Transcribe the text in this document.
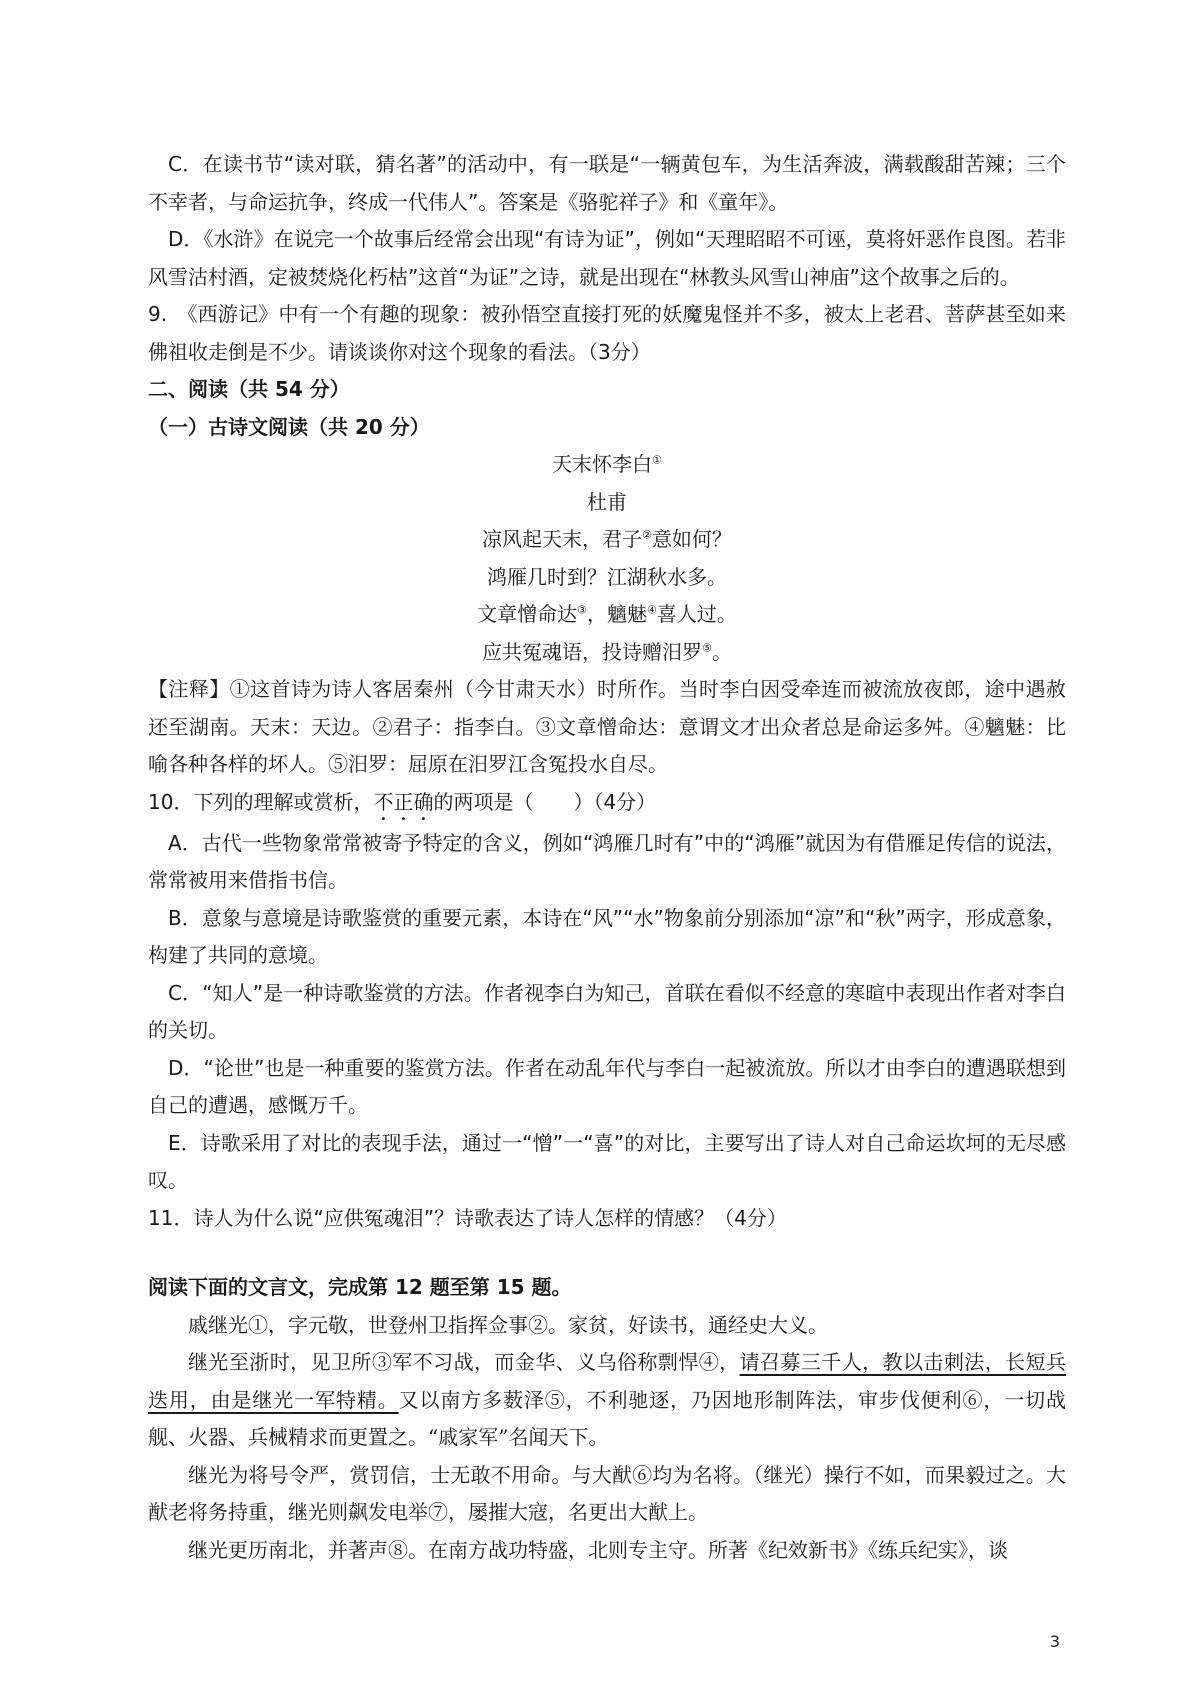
C．在读书节“读对联，猜名著”的活动中，有一联是“一辆黄包车，为生活奔波，满载酸甜苦辣；三个不幸者，与命运抗争，终成一代伟人”。答案是《骆驼祥子》和《童年》。

D．《水浒》在说完一个故事后经常会出现“有诗为证”，例如“天理昭昭不可诬，莫将奸恶作良图。若非风雪沽村酒，定被焚烧化朽枯”这首“为证”之诗，就是出现在“林教头风雪山神庙”这个故事之后的。

9.　《西游记》中有一个有趣的现象：被孙悟空直接打死的妖魔鬼怪并不多，被太上老君、菩萨甚至如来佛祖收走倒是不少。请谈谈你对这个现象的看法。（3分）

二、阅读（共 54 分）

（一）古诗文阅读（共 20 分）

天末怀李白①
杜甫
凉风起天末，君子②意如何？
鸿雁几时到？江湖秋水多。
文章憎命达③，魑魅④喜人过。
应共冤魂语，投诗赠汨罗⑤。

【注释】①这首诗为诗人客居秦州（今甘肃天水）时所作。当时李白因受牵连而被流放夜郎，途中遇赦还至湖南。天末：天边。②君子：指李白。③文章憎命达：意谓文才出众者总是命运多舛。④魑魅：比喻各种各样的坏人。⑤汨罗：屈原在汨罗江含冤投水自尽。

10．下列的理解或赏析，不正确的两项是（　　）（4分）

A．古代一些物象常常被寄予特定的含义，例如“鸿雁几时有”中的“鸿雁”就因为有借雁足传信的说法，常常被用来借指书信。

B．意象与意境是诗歌鉴赏的重要元素，本诗在“风”“水”物象前分别添加“凉”和“秋”两字，形成意象，构建了共同的意境。

C．“知人”是一种诗歌鉴赏的方法。作者视李白为知己，首联在看似不经意的寒暄中表现出作者对李白的关切。

D．“论世”也是一种重要的鉴赏方法。作者在动乱年代与李白一起被流放。所以才由李白的遭遇联想到自己的遭遇，感慨万千。

E．诗歌采用了对比的表现手法，通过一“憎”一“喜”的对比，主要写出了诗人对自己命运坎坷的无尽感叹。

11．诗人为什么说“应供冤魂泪”？诗歌表达了诗人怎样的情感？（4分）

阅读下面的文言文，完成第 12 题至第 15 题。

戚继光①，字元敬，世登州卫指挥佥事②。家贫，好读书，通经史大义。

继光至浙时，见卫所③军不习战，而金华、义乌俗称剽悍④，请召募三千人，教以击刺法，长短兵迭用，由是继光一军特精。又以南方多薮泽⑤，不利驰逐，乃因地形制阵法，审步伐便利⑥，一切战舰、火器、兵械精求而更置之。“戚家军”名闻天下。

继光为将号令严，赏罚信，士无敢不用命。与大猷⑥均为名将。（继光）操行不如，而果毅过之。大猷老将务持重，继光则飙发电举⑦，屡摧大寇，名更出大猷上。

继光更历南北，并著声⑧。在南方战功特盛，北则专主守。所著《纪效新书》《练兵纪实》，谈

3
